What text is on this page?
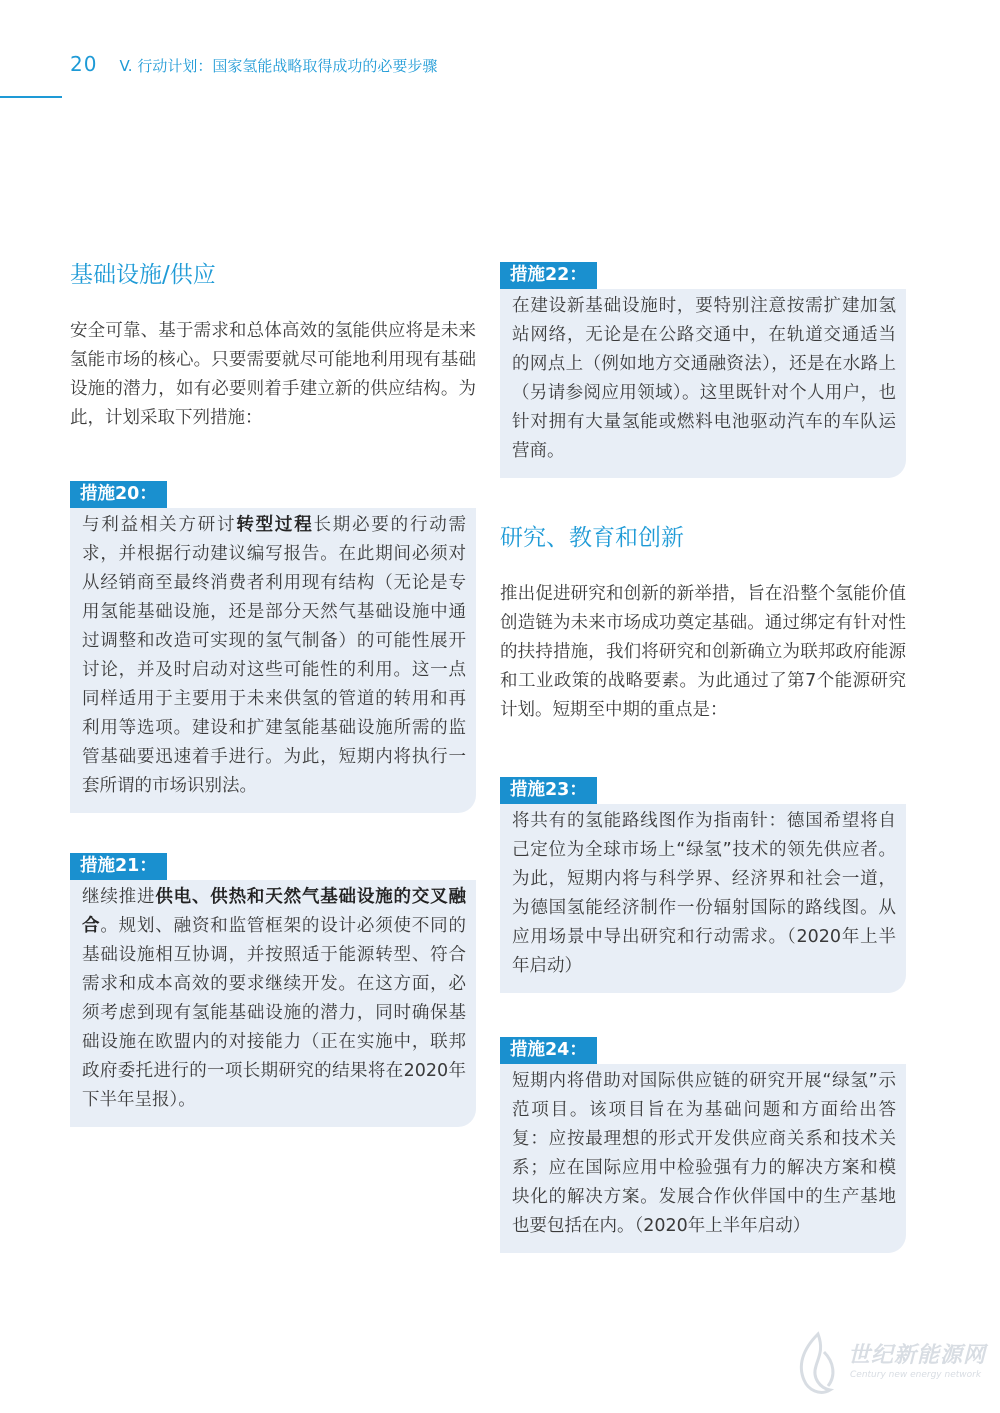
20 V. 行动计划：国家氢能战略取得成功的必要步骤
基础设施/供应

安全可靠、基于需求和总体高效的氢能供应将是未来氢能市场的核心。只要需要就尽可能地利用现有基础设施的潜力，如有必要则着手建立新的供应结构。为此，计划采取下列措施：

措施20：

与利益相关方研讨转型过程长期必要的行动需求，并根据行动建议编写报告。在此期间必须对从经销商至最终消费者利用现有结构（无论是专用氢能基础设施，还是部分天然气基础设施中通过调整和改造可实现的氢气制备）的可能性展开讨论，并及时启动对这些可能性的利用。这一点同样适用于主要用于未来供氢的管道的转用和再利用等选项。建设和扩建氢能基础设施所需的监管基础要迅速着手进行。为此，短期内将执行一套所谓的市场识别法。

措施21：

继续推进供电、供热和天然气基础设施的交叉融合。规划、融资和监管框架的设计必须使不同的基础设施相互协调，并按照适于能源转型、符合需求和成本高效的要求继续开发。在这方面，必须考虑到现有氢能基础设施的潜力，同时确保基础设施在欧盟内的对接能力（正在实施中，联邦政府委托进行的一项长期研究的结果将在2020年下半年呈报）。

措施22：

在建设新基础设施时，要特别注意按需扩建加氢站网络，无论是在公路交通中，在轨道交通适当的网点上（例如地方交通融资法），还是在水路上（另请参阅应用领域）。这里既针对个人用户，也针对拥有大量氢能或燃料电池驱动汽车的车队运营商。

研究、教育和创新

推出促进研究和创新的新举措，旨在沿整个氢能价值创造链为未来市场成功奠定基础。通过绑定有针对性的扶持措施，我们将研究和创新确立为联邦政府能源和工业政策的战略要素。为此通过了第7个能源研究计划。短期至中期的重点是：

措施23：

将共有的氢能路线图作为指南针：德国希望将自己定位为全球市场上“绿氢”技术的领先供应者。为此，短期内将与科学界、经济界和社会一道，为德国氢能经济制作一份辐射国际的路线图。从应用场景中导出研究和行动需求。（2020年上半年启动）

措施24：

短期内将借助对国际供应链的研究开展“绿氢”示范项目。该项目旨在为基础问题和方面给出答复：应按最理想的形式开发供应商关系和技术关系；应在国际应用中检验强有力的解决方案和模块化的解决方案。发展合作伙伴国中的生产基地也要包括在内。（2020年上半年启动）

世纪新能源网
Century new energy network
